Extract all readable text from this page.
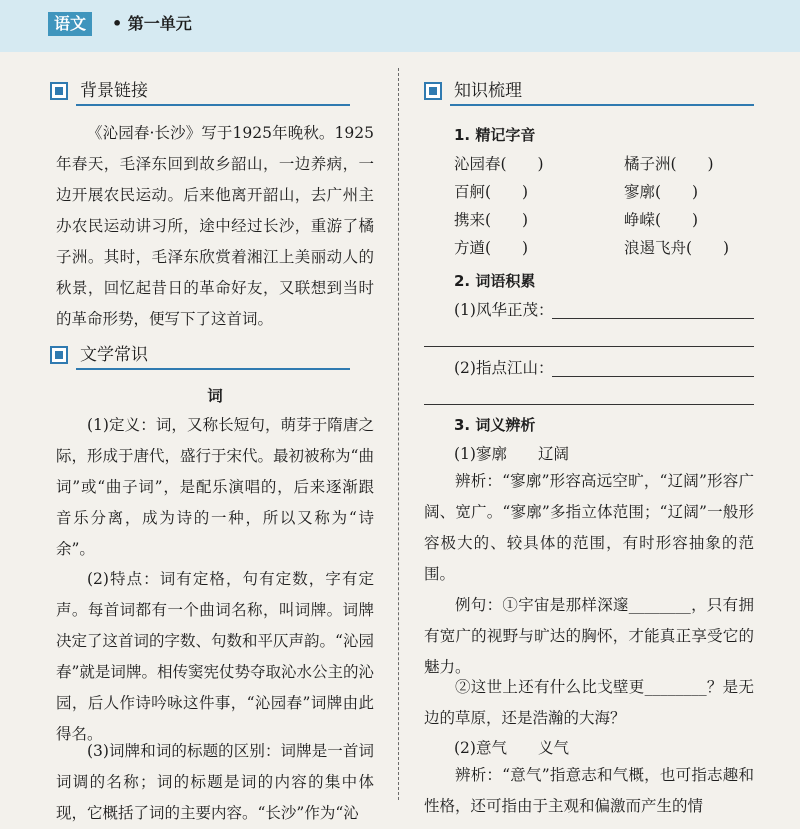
语文	• 第一单元
背景链接

《沁园春·长沙》写于1925年晚秋。1925年春天，毛泽东回到故乡韶山，一边养病，一边开展农民运动。后来他离开韶山，去广州主办农民运动讲习所，途中经过长沙，重游了橘子洲。其时，毛泽东欣赏着湘江上美丽动人的秋景，回忆起昔日的革命好友，又联想到当时的革命形势，便写下了这首词。

文学常识
词

(1)定义：词，又称长短句，萌芽于隋唐之际，形成于唐代，盛行于宋代。最初被称为“曲词”或“曲子词”，是配乐演唱的，后来逐渐跟音乐分离，成为诗的一种，所以又称为“诗余”。

(2)特点：词有定格，句有定数，字有定声。每首词都有一个曲词名称，叫词牌。词牌决定了这首词的字数、句数和平仄声韵。“沁园春”就是词牌。相传窦宪仗势夺取沁水公主的沁园，后人作诗吟咏这件事，“沁园春”词牌由此得名。

(3)词牌和词的标题的区别：词牌是一首词词调的名称；词的标题是词的内容的集中体现，它概括了词的主要内容。“长沙”作为“沁

知识梳理
1. 精记字音
沁园春(　　)	橘子洲(　　)
百舸(　　)	寥廓(　　)
携来(　　)	峥嵘(　　)
方遒(　　)	浪遏飞舟(　　)
2. 词语积累
(1)风华正茂：
(2)指点江山：
3. 词义辨析
(1)寥廓　　辽阔

辨析：“寥廓”形容高远空旷，“辽阔”形容广阔、宽广。“寥廓”多指立体范围；“辽阔”一般形容极大的、较具体的范围，有时形容抽象的范围。

例句：①宇宙是那样深邃________，只有拥有宽广的视野与旷达的胸怀，才能真正享受它的魅力。

②这世上还有什么比戈壁更________？是无边的草原，还是浩瀚的大海？

(2)意气　　义气

辨析：“意气”指意志和气概，也可指志趣和性格，还可指由于主观和偏激而产生的情
